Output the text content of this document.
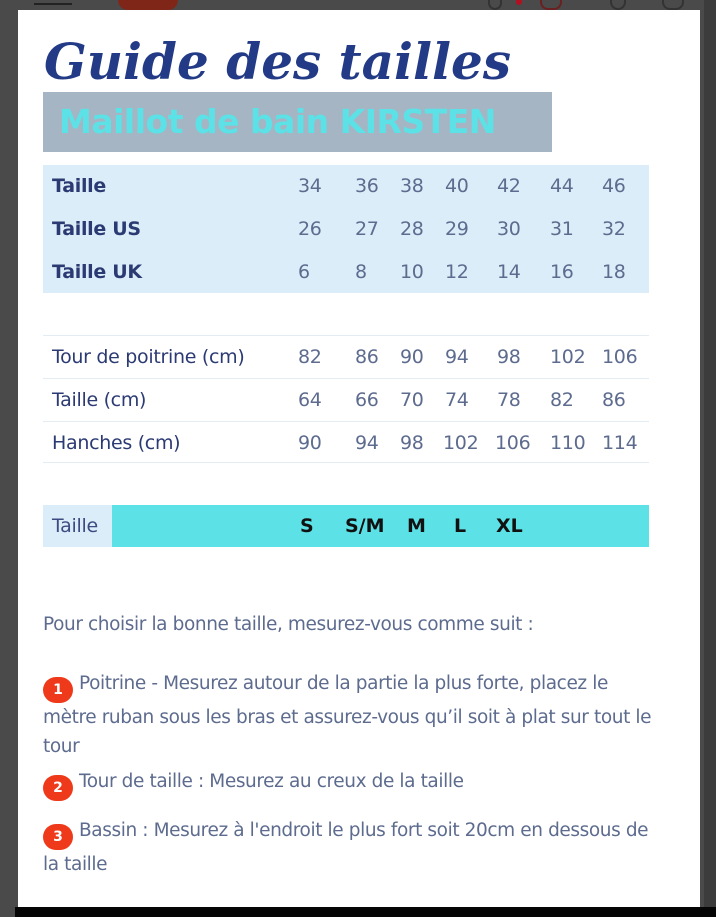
Guide des tailles
Maillot de bain KIRSTEN
Taille	34 36 38 40 42 44 46
Taille US	26 27 28 29 30 31 32
Taille UK	6 8 10 12 14 16 18
Tour de poitrine (cm)	82 86 90 94 98 102 106
Taille (cm)	64 66 70 74 78 82 86
Hanches (cm)	90 94 98 102 106 110 114
Taille	S S/M M L XL
Pour choisir la bonne taille, mesurez-vous comme suit :
1 Poitrine - Mesurez autour de la partie la plus forte, placez le mètre ruban sous les bras et assurez-vous qu’il soit à plat sur tout le tour
2 Tour de taille : Mesurez au creux de la taille
3 Bassin : Mesurez à l'endroit le plus fort soit 20cm en dessous de la taille
